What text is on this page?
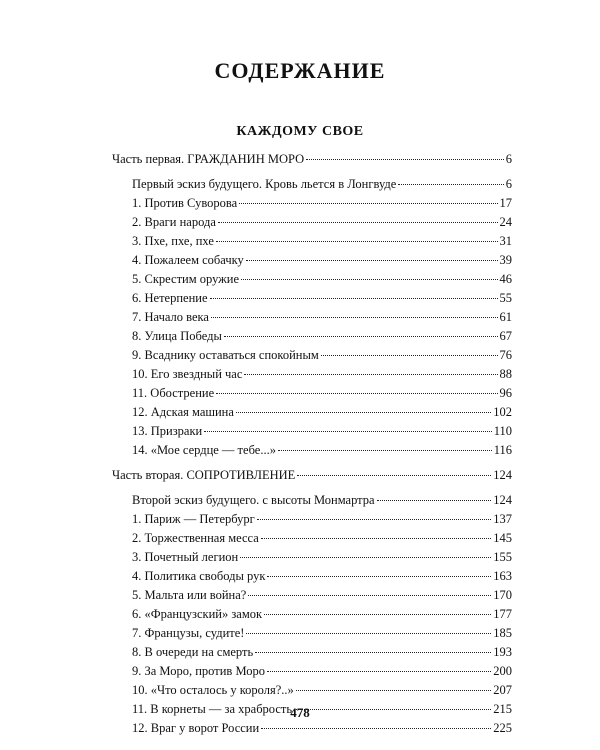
СОДЕРЖАНИЕ
КАЖДОМУ СВОЕ
Часть первая. ГРАЖДАНИН МОРО	6
Первый эскиз будущего. Кровь льется в Лонгвуде	6
1. Против Суворова	17
2. Враги народа	24
3. Пхе, пхе, пхе	31
4. Пожалеем собачку	39
5. Скрестим оружие	46
6. Нетерпение	55
7. Начало века	61
8. Улица Победы	67
9. Всаднику оставаться спокойным	76
10. Его звездный час	88
11. Обострение	96
12. Адская машина	102
13. Призраки	110
14. «Мое сердце — тебе...»	116
Часть вторая. СОПРОТИВЛЕНИЕ	124
Второй эскиз будущего. с высоты Монмартра	124
1. Париж — Петербург	137
2. Торжественная месса	145
3. Почетный легион	155
4. Политика свободы рук	163
5. Мальта или война?	170
6. «Французский» замок	177
7. Французы, судите!	185
8. В очереди на смерть	193
9. За Моро, против Моро	200
10. «Что осталось у короля?..»	207
11. В корнеты — за храбрость	215
12. Враг у ворот России	225

478
